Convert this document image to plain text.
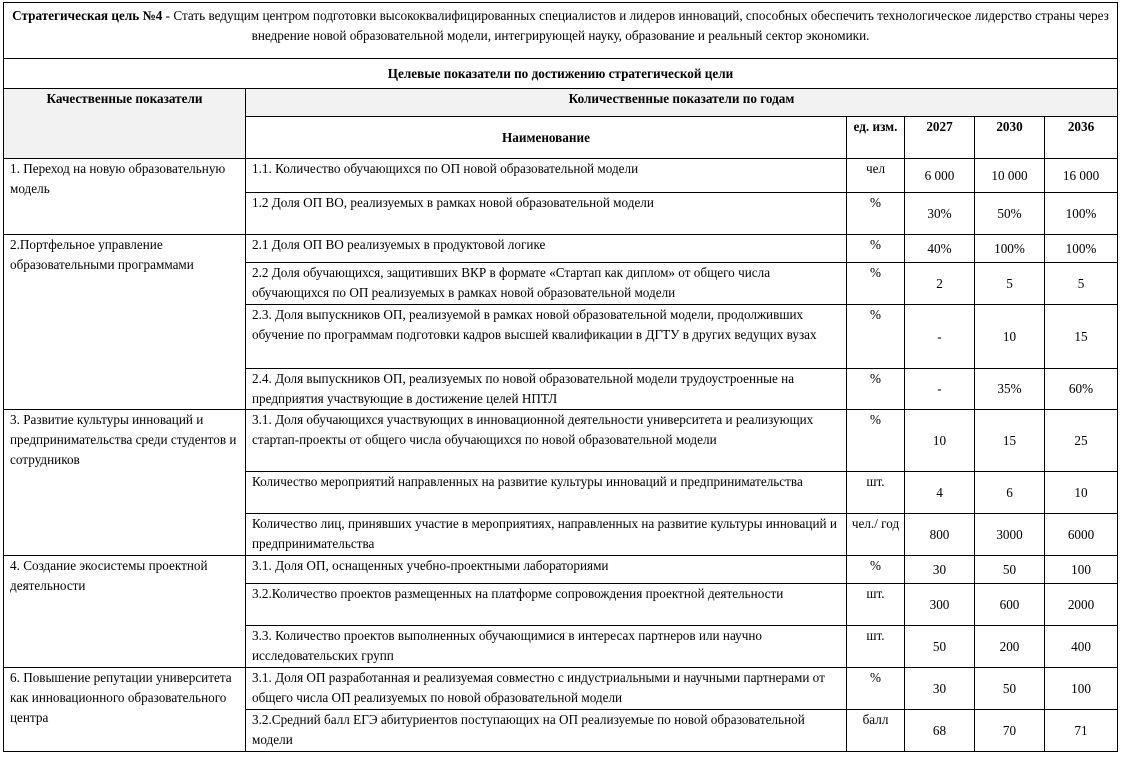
Стратегическая цель №4 - Стать ведущим центром подготовки высококвалифицированных специалистов и лидеров инноваций, способных обеспечить технологическое лидерство страны через внедрение новой образовательной модели, интегрирующей науку, образование и реальный сектор экономики.					
Целевые показатели по достижению стратегической цели					
Качественные показатели	Количественные показатели по годам				
	Наименование	ед. изм.	2027	2030	2036
1. Переход на новую образовательную модель	1.1. Количество обучающихся по ОП новой образовательной модели	чел	6 000	10 000	16 000
	1.2 Доля ОП ВО, реализуемых в рамках новой образовательной модели	%	30%	50%	100%
2.Портфельное управление образовательными программами	2.1 Доля ОП ВО реализуемых в продуктовой логике	%	40%	100%	100%
	2.2 Доля обучающихся, защитивших ВКР в формате «Стартап как диплом» от общего числа обучающихся по ОП реализуемых в рамках новой образовательной модели	%	2	5	5
	2.3. Доля выпускников ОП, реализуемой в рамках новой образовательной модели, продолживших обучение по программам подготовки кадров высшей квалификации в ДГТУ в других ведущих вузах	%	-	10	15
	2.4. Доля выпускников ОП, реализуемых по новой образовательной модели трудоустроенные на предприятия участвующие в достижение целей НПТЛ	%	-	35%	60%
3. Развитие культуры инноваций и предпринимательства среди студентов и сотрудников	3.1. Доля обучающихся участвующих в инновационной деятельности университета и реализующих стартап-проекты от общего числа обучающихся по новой образовательной модели	%	10	15	25
	Количество мероприятий направленных на развитие культуры инноваций и предпринимательства	шт.	4	6	10
	Количество лиц, принявших участие в мероприятиях, направленных на развитие культуры инноваций и предпринимательства	чел./ год	800	3000	6000
4. Создание экосистемы проектной деятельности	3.1. Доля ОП, оснащенных учебно-проектными лабораториями	%	30	50	100
	3.2.Количество проектов размещенных на платформе сопровождения проектной деятельности	шт.	300	600	2000
	3.3. Количество проектов выполненных обучающимися в интересах партнеров или научно исследовательских групп	шт.	50	200	400
6. Повышение репутации университета как инновационного образовательного центра	3.1. Доля ОП разработанная и реализуемая совместно с индустриальными и научными партнерами от общего числа ОП реализуемых по новой образовательной модели	%	30	50	100
	3.2.Средний балл ЕГЭ абитуриентов поступающих на ОП реализуемые по новой образовательной модели	балл	68	70	71
